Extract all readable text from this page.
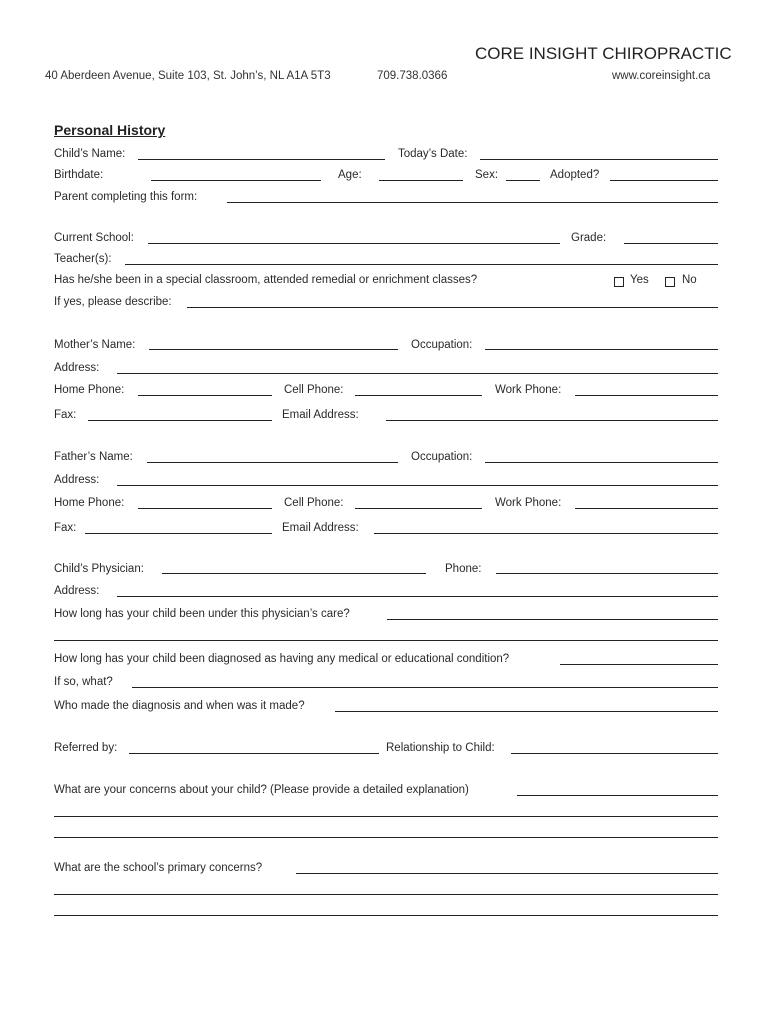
CORE INSIGHT CHIROPRACTIC
40 Aberdeen Avenue, Suite 103, St. John’s, NL A1A 5T3	709.738.0366	www.coreinsight.ca
Personal History
Child’s Name:	Today’s Date:
Birthdate:	Age:	Sex:	Adopted?
Parent completing this form:
Current School:	Grade:
Teacher(s):
Has he/she been in a special classroom, attended remedial or enrichment classes?	Yes	No
If yes, please describe:
Mother’s Name:	Occupation:
Address:
Home Phone:	Cell Phone:	Work Phone:
Fax:	Email Address:
Father’s Name:	Occupation:
Address:
Home Phone:	Cell Phone:	Work Phone:
Fax:	Email Address:
Child’s Physician:	Phone:
Address:
How long has your child been under this physician’s care?
How long has your child been diagnosed as having any medical or educational condition?
If so, what?
Who made the diagnosis and when was it made?
Referred by:	Relationship to Child:
What are your concerns about your child? (Please provide a detailed explanation)
What are the school’s primary concerns?
